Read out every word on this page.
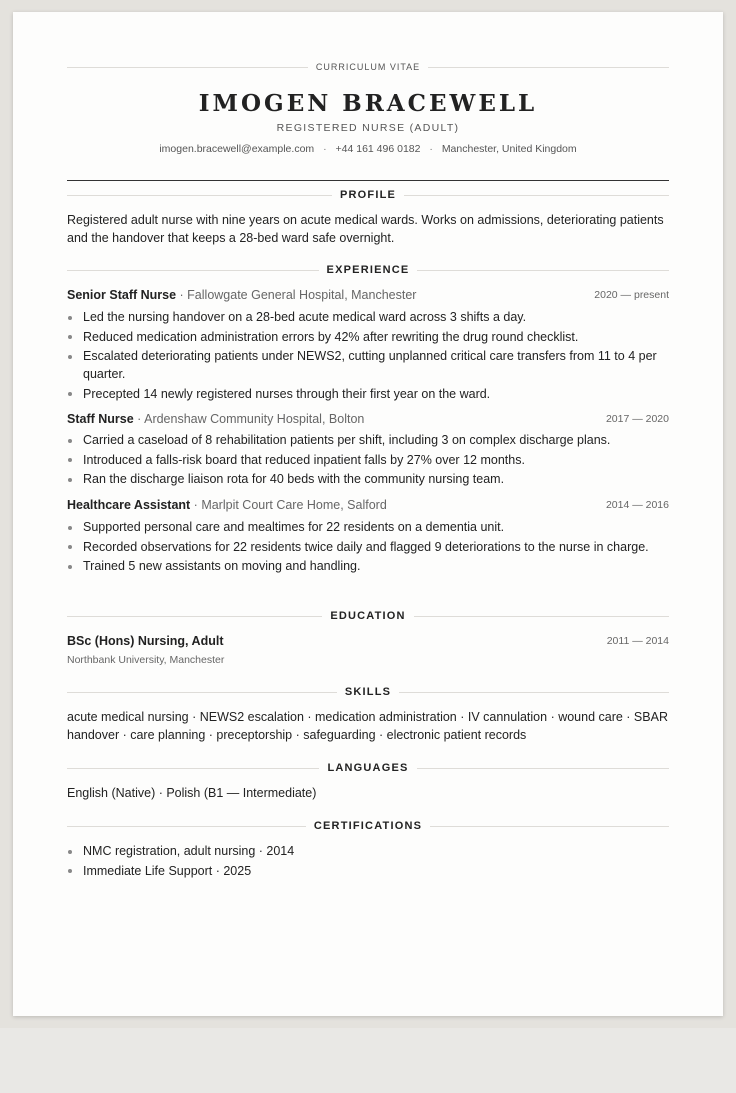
CURRICULUM VITAE
IMOGEN BRACEWELL
REGISTERED NURSE (ADULT)
imogen.bracewell@example.com · +44 161 496 0182 · Manchester, United Kingdom
PROFILE
Registered adult nurse with nine years on acute medical wards. Works on admissions, deteriorating patients and the handover that keeps a 28-bed ward safe overnight.
EXPERIENCE
Senior Staff Nurse · Fallowgate General Hospital, Manchester	2020 — present
Led the nursing handover on a 28-bed acute medical ward across 3 shifts a day.
Reduced medication administration errors by 42% after rewriting the drug round checklist.
Escalated deteriorating patients under NEWS2, cutting unplanned critical care transfers from 11 to 4 per quarter.
Precepted 14 newly registered nurses through their first year on the ward.
Staff Nurse · Ardenshaw Community Hospital, Bolton	2017 — 2020
Carried a caseload of 8 rehabilitation patients per shift, including 3 on complex discharge plans.
Introduced a falls-risk board that reduced inpatient falls by 27% over 12 months.
Ran the discharge liaison rota for 40 beds with the community nursing team.
Healthcare Assistant · Marlpit Court Care Home, Salford	2014 — 2016
Supported personal care and mealtimes for 22 residents on a dementia unit.
Recorded observations for 22 residents twice daily and flagged 9 deteriorations to the nurse in charge.
Trained 5 new assistants on moving and handling.
EDUCATION
BSc (Hons) Nursing, Adult	2011 — 2014
Northbank University, Manchester
SKILLS
acute medical nursing · NEWS2 escalation · medication administration · IV cannulation · wound care · SBAR handover · care planning · preceptorship · safeguarding · electronic patient records
LANGUAGES
English (Native) · Polish (B1 — Intermediate)
CERTIFICATIONS
NMC registration, adult nursing · 2014
Immediate Life Support · 2025
